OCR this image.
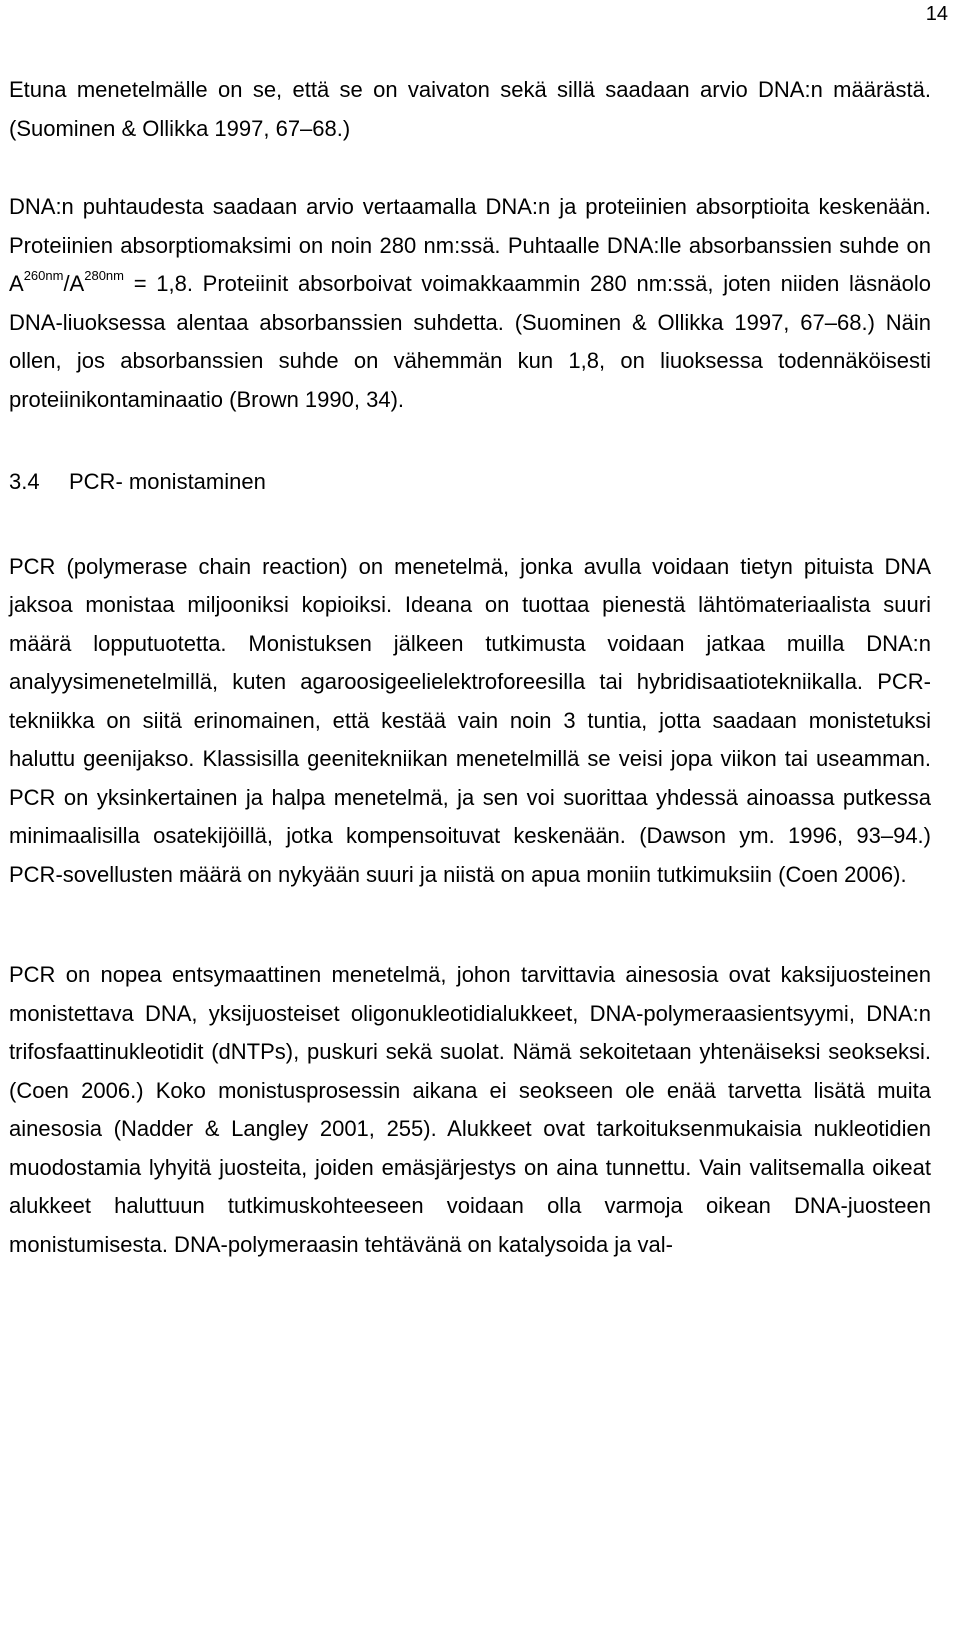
14

Etuna menetelmälle on se, että se on vaivaton sekä sillä saadaan arvio DNA:n määrästä. (Suominen & Ollikka 1997, 67–68.)

DNA:n puhtaudesta saadaan arvio vertaamalla DNA:n ja proteiinien absorptioita keskenään. Proteiinien absorptiomaksimi on noin 280 nm:ssä. Puhtaalle DNA:lle absorbanssien suhde on $A^{260nm}/A^{280nm} = 1,8$. Proteiinit absorboivat voimakkaammin 280 nm:ssä, joten niiden läsnäolo DNA-liuoksessa alentaa absorbanssien suhdetta. (Suominen & Ollikka 1997, 67–68.) Näin ollen, jos absorbanssien suhde on vähemmän kun 1,8, on liuoksessa todennäköisesti proteiinikontaminaatio (Brown 1990, 34).

3.4 PCR- monistaminen

PCR (polymerase chain reaction) on menetelmä, jonka avulla voidaan tietyn pituista DNA jaksoa monistaa miljooniksi kopioiksi. Ideana on tuottaa pienestä lähtömateriaalista suuri määrä lopputuotetta. Monistuksen jälkeen tutkimusta voidaan jatkaa muilla DNA:n analyysimenetelmillä, kuten agaroosigeelielektroforeesilla tai hybridisaatiotekniikalla. PCR-tekniikka on siitä erinomainen, että kestää vain noin 3 tuntia, jotta saadaan monistetuksi haluttu geenijakso. Klassisilla geenitekniikan menetelmillä se veisi jopa viikon tai useamman. PCR on yksinkertainen ja halpa menetelmä, ja sen voi suorittaa yhdessä ainoassa putkessa minimaalisilla osatekijöillä, jotka kompensoituvat keskenään. (Dawson ym. 1996, 93–94.) PCR-sovellusten määrä on nykyään suuri ja niistä on apua moniin tutkimuksiin (Coen 2006).

PCR on nopea entsymaattinen menetelmä, johon tarvittavia ainesosia ovat kaksijuosteinen monistettava DNA, yksijuosteiset oligonukleotidialukkeet, DNA-polymeraasientsyymi, DNA:n trifosfaattinukleotidit (dNTPs), puskuri sekä suolat. Nämä sekoitetaan yhtenäiseksi seokseksi. (Coen 2006.) Koko monistusprosessin aikana ei seokseen ole enää tarvetta lisätä muita ainesosia (Nadder & Langley 2001, 255). Alukkeet ovat tarkoituksenmukaisia nukleotidien muodostamia lyhyitä juosteita, joiden emäsjärjestys on aina tunnettu. Vain valitsemalla oikeat alukkeet haluttuun tutkimuskohteeseen voidaan olla varmoja oikean DNA-juosteen monistumisesta. DNA-polymeraasin tehtävänä on katalysoida ja val-
